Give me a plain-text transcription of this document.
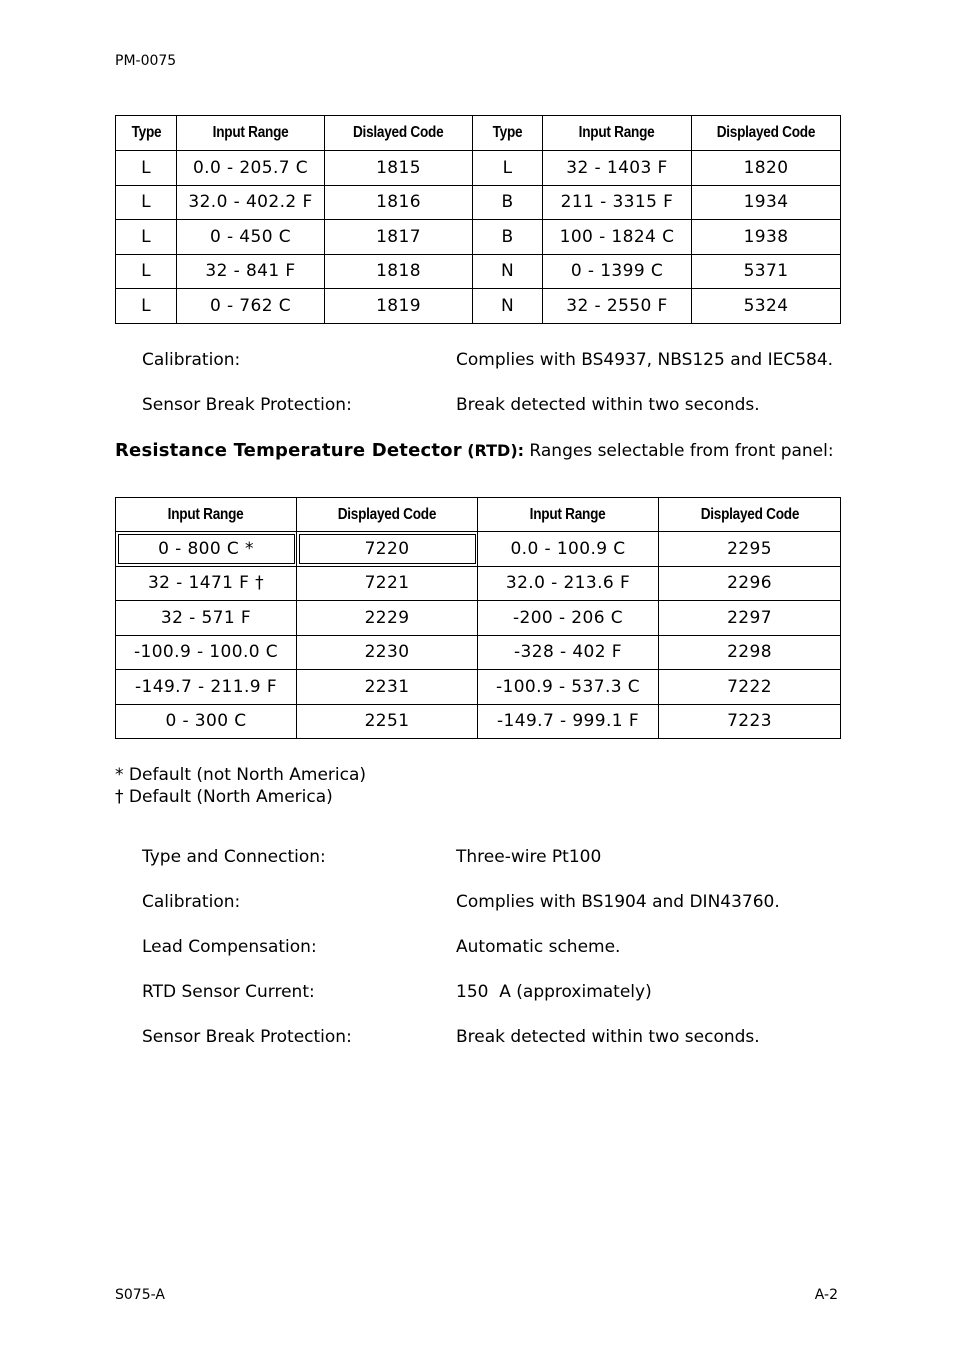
PM-0075
Type	Input Range	Dislayed Code	Type	Input Range	Displayed Code
L	0.0 - 205.7 C	1815	L	32 - 1403 F	1820
L	32.0 - 402.2 F	1816	B	211 - 3315 F	1934
L	0 - 450 C	1817	B	100 - 1824 C	1938
L	32 - 841 F	1818	N	0 - 1399 C	5371
L	0 - 762 C	1819	N	32 - 2550 F	5324
Calibration:	Complies with BS4937, NBS125 and IEC584.
Sensor Break Protection:	Break detected within two seconds.
Resistance Temperature Detector (RTD): Ranges selectable from front panel:
Input Range	Displayed Code	Input Range	Displayed Code
0 - 800 C *	7220	0.0 - 100.9 C	2295
32 - 1471 F †	7221	32.0 - 213.6 F	2296
32 - 571 F	2229	-200 - 206 C	2297
-100.9 - 100.0 C	2230	-328 - 402 F	2298
-149.7 - 211.9 F	2231	-100.9 - 537.3 C	7222
0 - 300 C	2251	-149.7 - 999.1 F	7223
* Default (not North America)
† Default (North America)
Type and Connection:	Three-wire Pt100
Calibration:	Complies with BS1904 and DIN43760.
Lead Compensation:	Automatic scheme.
RTD Sensor Current:	150  A (approximately)
Sensor Break Protection:	Break detected within two seconds.
S075-A	A-2
